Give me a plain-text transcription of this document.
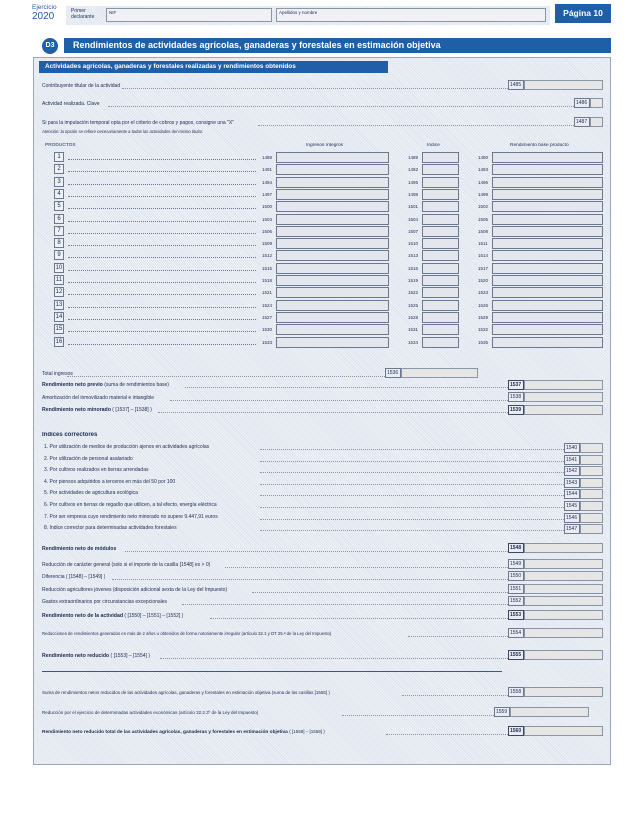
Ejercicio
2020	Primer declarante
NIF	Apellidos y nombre	Página 10
D3	Rendimientos de actividades agrícolas, ganaderas y forestales en estimación objetiva
Actividades agrícolas, ganaderas y forestales realizadas y rendimientos obtenidos
Contribuyente titular de la actividad	1485
Actividad realizada. Clave	1486
Si para la imputación temporal opta por el criterio de cobros y pagos, consigne una "X"	1487
Atención: la opción se refiere necesariamente a todas las actividades del mismo titular.
PRODUCTOS	Ingresos íntegros	Índice	Rendimiento base producto
1	1488	1489	1490
2	1491	1492	1493
3	1494	1495	1496
4	1497	1498	1499
5	1500	1501	1502
6	1503	1504	1505
7	1506	1507	1508
8	1509	1510	1511
9	1512	1513	1514
10	1515	1516	1517
11	1518	1519	1520
12	1521	1522	1523
13	1524	1525	1526
14	1527	1528	1529
15	1530	1531	1532
16	1533	1534	1535
Total ingresos	1536
Rendimiento neto previo (suma de rendimientos base)	1537
Amortización del inmovilizado material e intangible	1538
Rendimiento neto minorado ( [1537] – [1538] )	1539
Índices correctores
1. Por utilización de medios de producción ajenos en actividades agrícolas	1540
2. Por utilización de personal asalariado	1541
3. Por cultivos realizados en tierras arrendadas	1542
4. Por piensos adquiridos a terceros en más del 50 por 100	1543
5. Por actividades de agricultura ecológica	1544
6. Por cultivos en tierras de regadío que utilicen, a tal efecto, energía eléctrica	1545
7. Por ser empresa cuyo rendimiento neto minorado no supere 9.447,91 euros	1546
8. Índice corrector para determinadas actividades forestales	1547
Rendimiento neto de módulos	1548
Reducción de carácter general (solo si el importe de la casilla [1548] es > 0)	1549
Diferencia ( [1548] – [1549] )	1550
Reducción agricultores jóvenes (disposición adicional sexta de la Ley del Impuesto)	1551
Gastos extraordinarios por circunstancias excepcionales	1552
Rendimiento neto de la actividad ( [1550] – [1551] – [1552] )	1553
Reducciones de rendimientos generados en más de 2 años u obtenidos de forma notoriamente irregular (artículo 32.1 y DT 25.ª de la Ley del Impuesto)	1554
Rendimiento neto reducido ( [1553] – [1554] )	1555
Suma de rendimientos netos reducidos de las actividades agrícolas, ganaderas y forestales en estimación objetiva (suma de las casillas [1555] )	1558
Reducción por el ejercicio de determinadas actividades económicas (artículo 32.2.3º de la Ley del Impuesto)	1559
Rendimiento neto reducido total de las actividades agrícolas, ganaderas y forestales en estimación objetiva ( [1558] – [1559] )	1560
